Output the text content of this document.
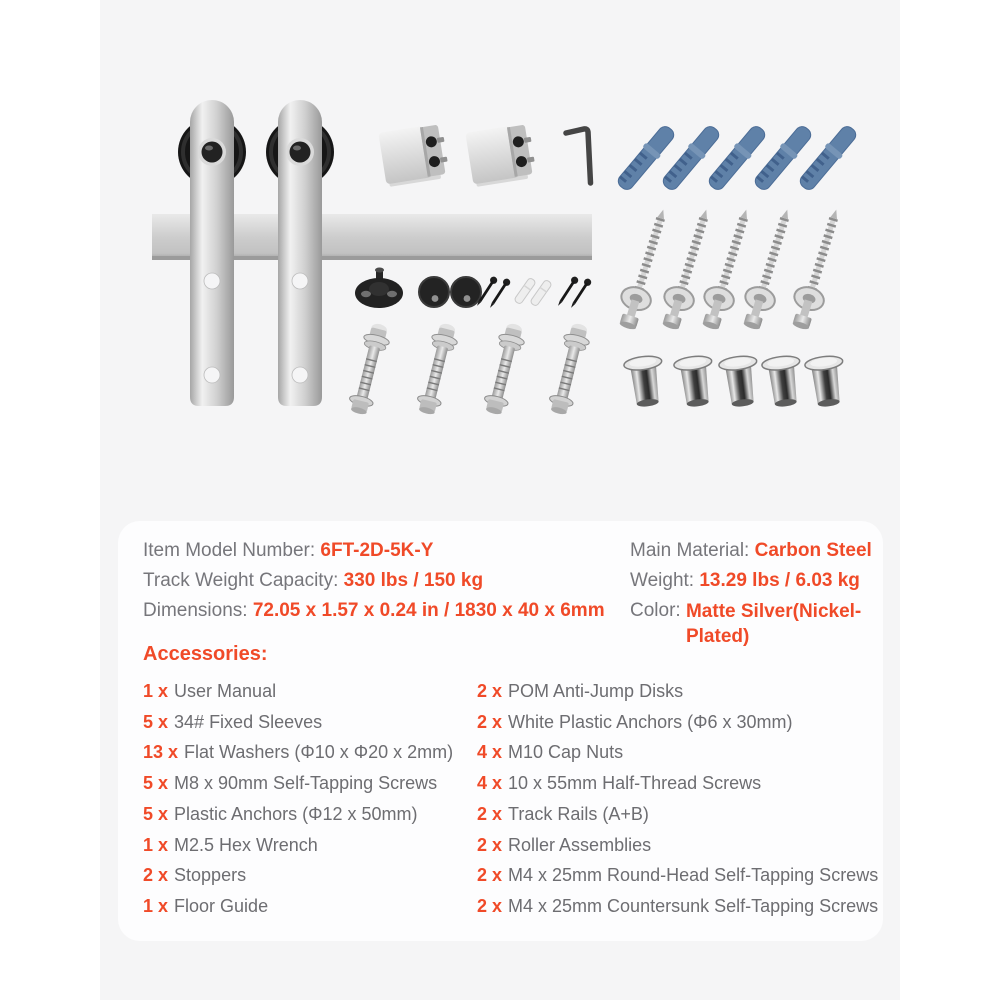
Item Model Number: 6FT-2D-5K-Y
Track Weight Capacity: 330 lbs / 150 kg
Dimensions: 72.05 x 1.57 x 0.24 in / 1830 x 40 x 6mm
Main Material: Carbon Steel
Weight: 13.29 lbs / 6.03 kg
Color: Matte Silver(Nickel-Plated)
Accessories:
1 x User Manual
5 x 34# Fixed Sleeves
13 x Flat Washers (Φ10 x Φ20 x 2mm)
5 x M8 x 90mm Self-Tapping Screws
5 x Plastic Anchors (Φ12 x 50mm)
1 x M2.5 Hex Wrench
2 x Stoppers
1 x Floor Guide
2 x POM Anti-Jump Disks
2 x White Plastic Anchors (Φ6 x 30mm)
4 x M10 Cap Nuts
4 x 10 x 55mm Half-Thread Screws
2 x Track Rails (A+B)
2 x Roller Assemblies
2 x M4 x 25mm Round-Head Self-Tapping Screws
2 x M4 x 25mm Countersunk Self-Tapping Screws
